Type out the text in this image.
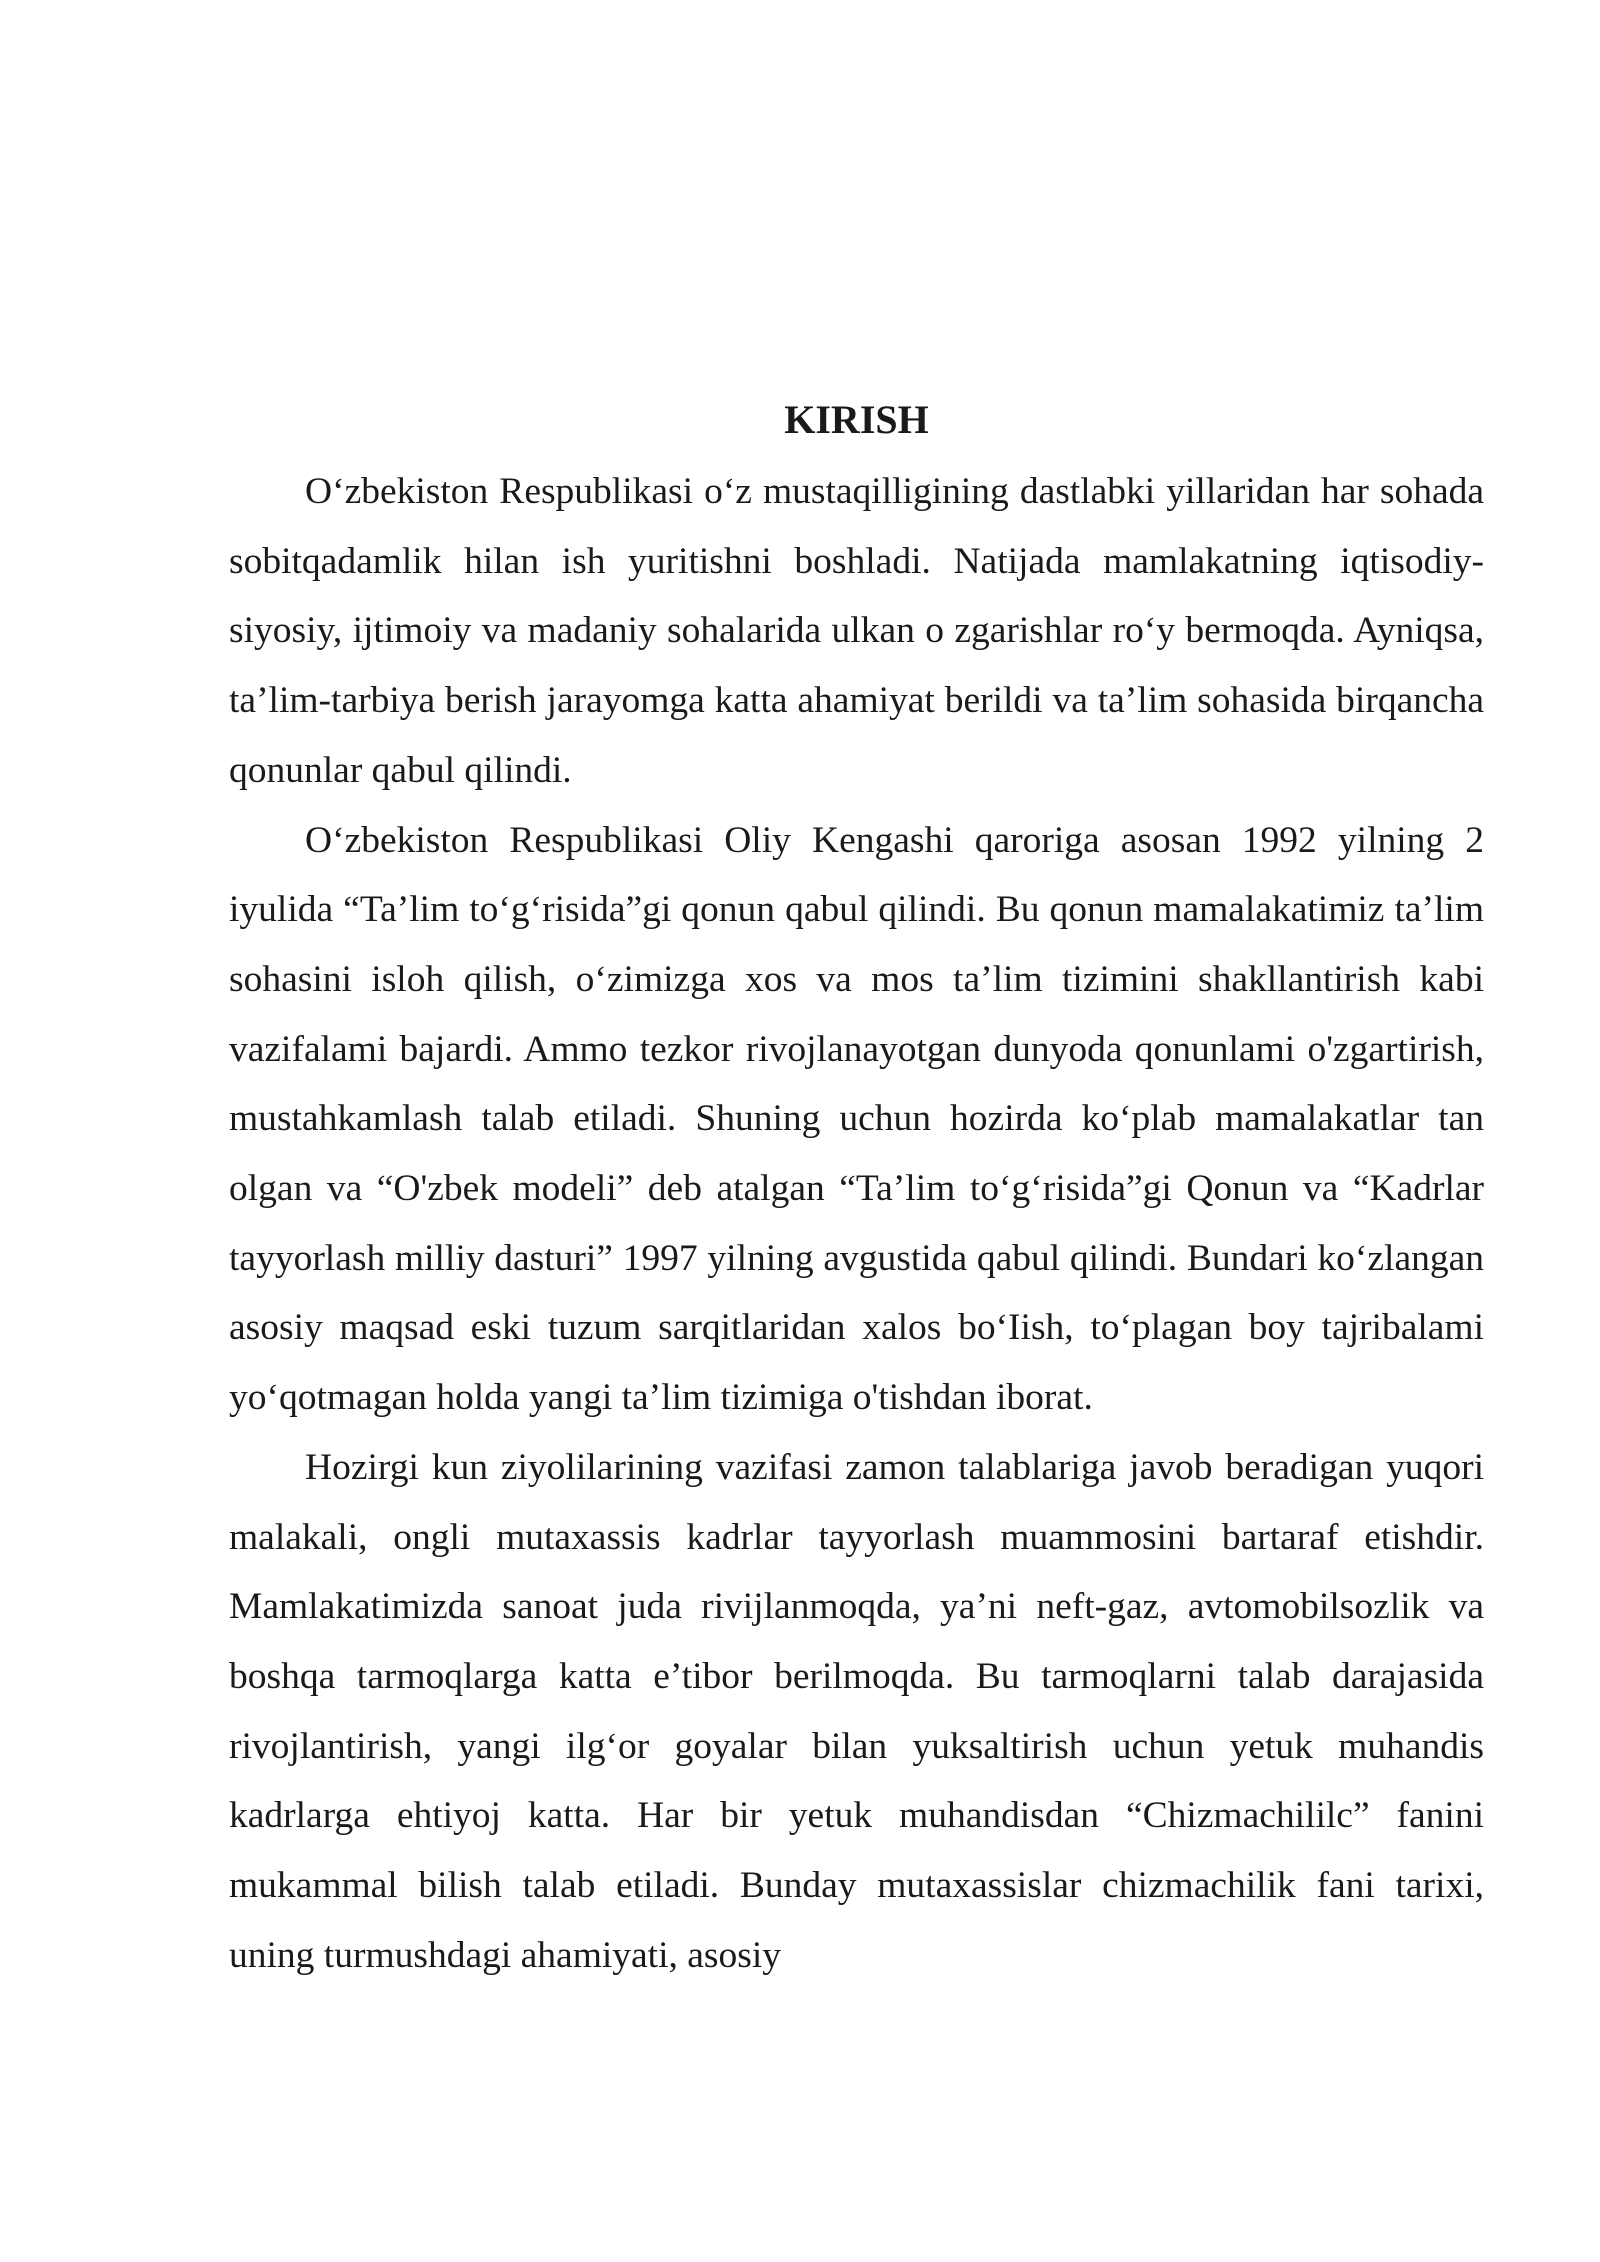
KIRISH

O‘zbekiston Respublikasi o‘z mustaqilligining dastlabki yillaridan har sohada sobitqadamlik hilan ish yuritishni boshladi. Natijada mamlakatning iqtisodiy- siyosiy, ijtimoiy va madaniy sohalarida ulkan o zgarishlar ro‘y bermoqda. Ayniqsa, ta’lim-tarbiya berish jarayomga katta ahamiyat berildi va ta’lim sohasida birqancha qonunlar qabul qilindi.

O‘zbekiston Respublikasi Oliy Kengashi qaroriga asosan 1992 yilning 2 iyulida “Ta’lim to‘g‘risida”gi qonun qabul qilindi. Bu qonun mamalakatimiz ta’lim sohasini isloh qilish, o‘zimizga xos va mos ta’lim tizimini shakllantirish kabi vazifalami bajardi. Ammo tezkor rivojlanayotgan dunyoda qonunlami o'zgartirish, mustahkamlash talab etiladi. Shuning uchun hozirda ko‘plab mamalakatlar tan olgan va “O'zbek modeli” deb atalgan “Ta’lim to‘g‘risida”gi Qonun va “Kadrlar tayyorlash milliy dasturi” 1997 yilning avgustida qabul qilindi. Bundari ko‘zlangan asosiy maqsad eski tuzum sarqitlaridan xalos bo‘Iish, to‘plagan boy tajribalami yo‘qotmagan holda yangi ta’lim tizimiga o'tishdan iborat.

Hozirgi kun ziyolilarining vazifasi zamon talablariga javob beradigan yuqori malakali, ongli mutaxassis kadrlar tayyorlash muammosini bartaraf etishdir. Mamlakatimizda sanoat juda rivijlanmoqda, ya’ni neft-gaz, avtomobilsozlik va boshqa tarmoqlarga katta e’tibor berilmoqda. Bu tarmoqlarni talab darajasida rivojlantirish, yangi ilg‘or goyalar bilan yuksaltirish uchun yetuk muhandis kadrlarga ehtiyoj katta. Har bir yetuk muhandisdan “Chizmachililc” fanini mukammal bilish talab etiladi. Bunday mutaxassislar chizmachilik fani tarixi, uning turmushdagi ahamiyati, asosiy
